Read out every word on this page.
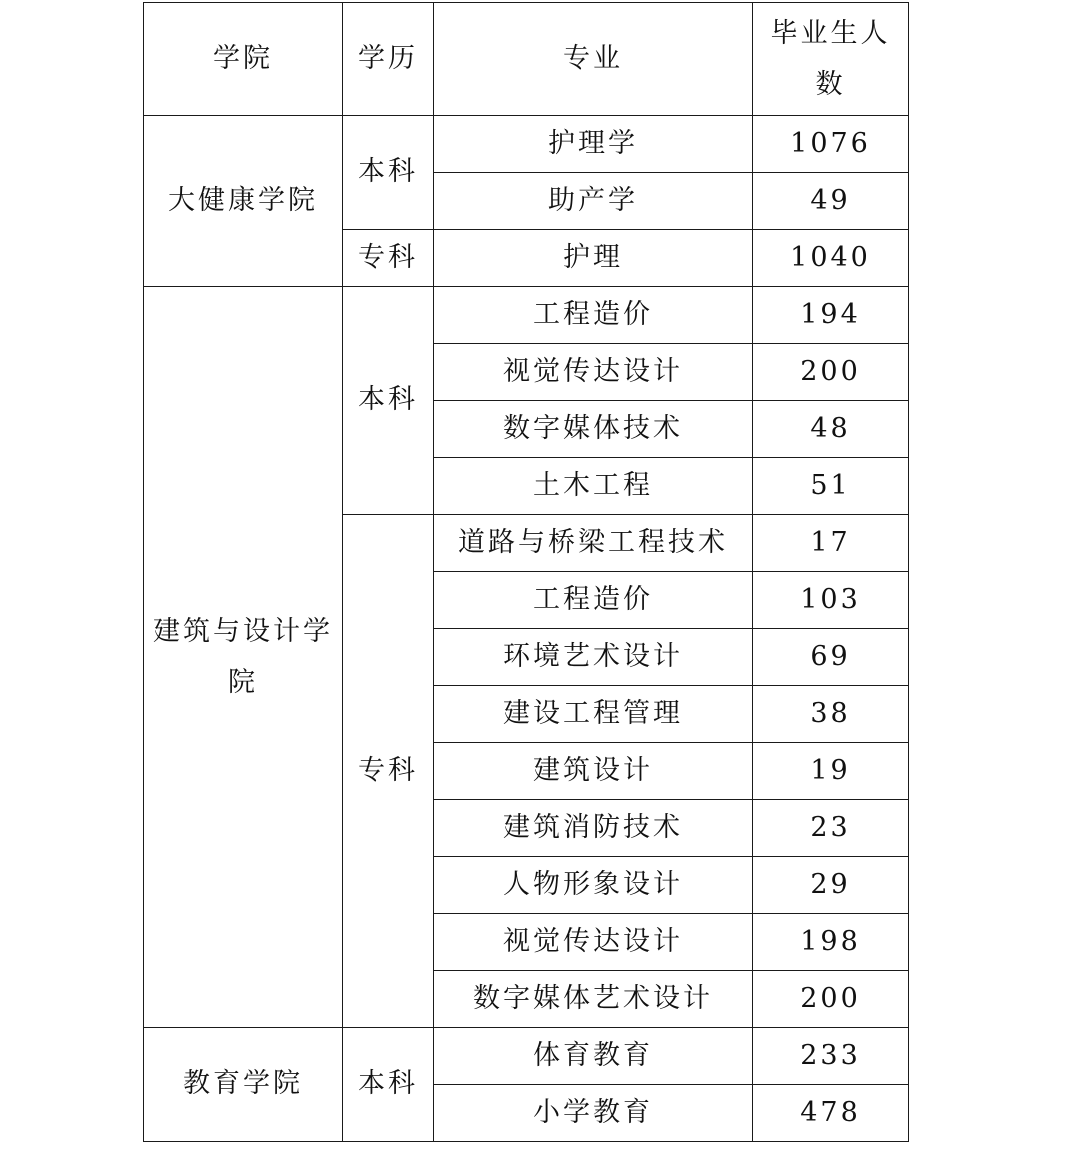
学院	学历	专业	毕业生人数
大健康学院	本科	护理学	1076
		助产学	49
	专科	护理	1040
建筑与设计学院	本科	工程造价	194
		视觉传达设计	200
		数字媒体技术	48
		土木工程	51
	专科	道路与桥梁工程技术	17
		工程造价	103
		环境艺术设计	69
		建设工程管理	38
		建筑设计	19
		建筑消防技术	23
		人物形象设计	29
		视觉传达设计	198
		数字媒体艺术设计	200
教育学院	本科	体育教育	233
		小学教育	478
